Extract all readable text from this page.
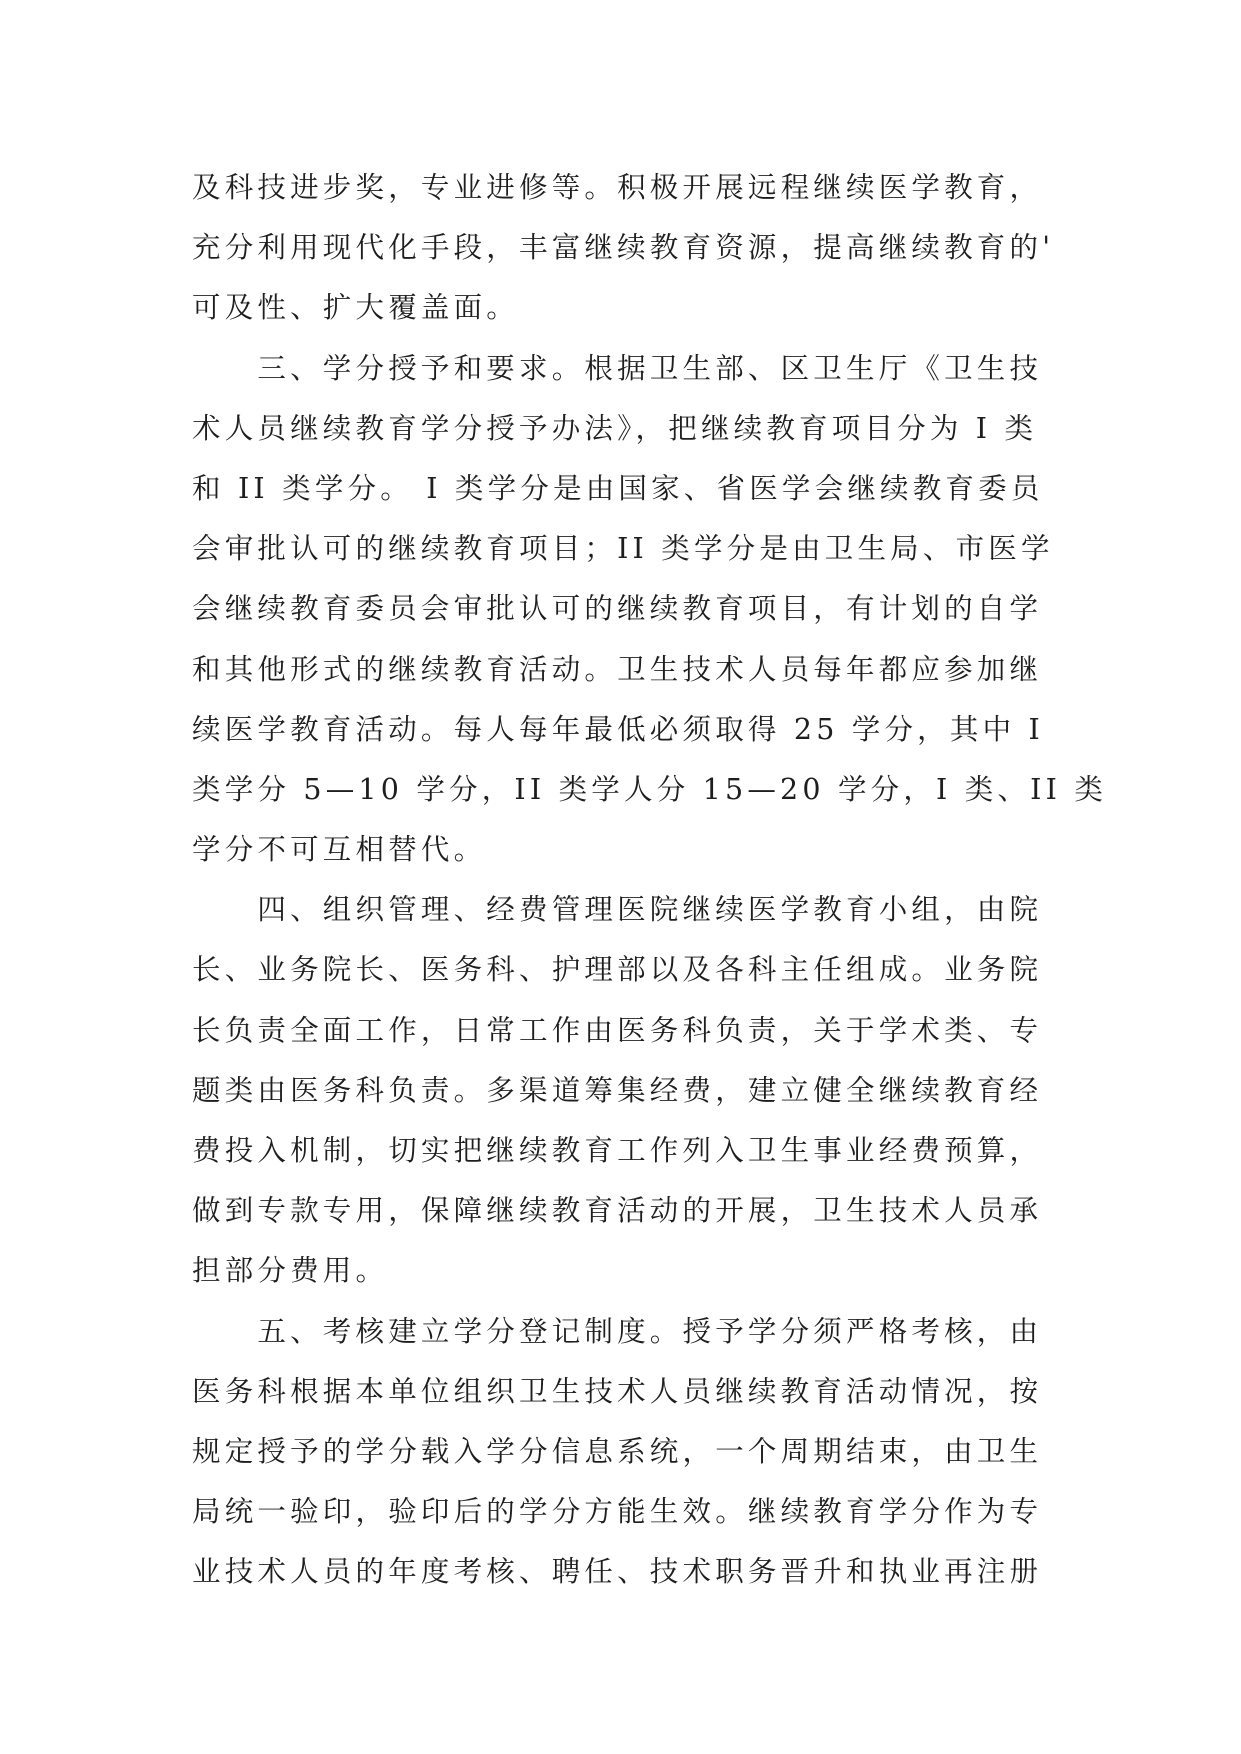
及科技进步奖，专业进修等。积极开展远程继续医学教育，
充分利用现代化手段，丰富继续教育资源，提高继续教育的'
可及性、扩大覆盖面。
　　三、学分授予和要求。根据卫生部、区卫生厅《卫生技
术人员继续教育学分授予办法》，把继续教育项目分为 I 类
和 II 类学分。 I 类学分是由国家、省医学会继续教育委员
会审批认可的继续教育项目；II 类学分是由卫生局、市医学
会继续教育委员会审批认可的继续教育项目，有计划的自学
和其他形式的继续教育活动。卫生技术人员每年都应参加继
续医学教育活动。每人每年最低必须取得 25 学分，其中 I
类学分 5—10 学分，II 类学人分 15—20 学分，I 类、II 类
学分不可互相替代。
　　四、组织管理、经费管理医院继续医学教育小组，由院
长、业务院长、医务科、护理部以及各科主任组成。业务院
长负责全面工作，日常工作由医务科负责，关于学术类、专
题类由医务科负责。多渠道筹集经费，建立健全继续教育经
费投入机制，切实把继续教育工作列入卫生事业经费预算，
做到专款专用，保障继续教育活动的开展，卫生技术人员承
担部分费用。
　　五、考核建立学分登记制度。授予学分须严格考核，由
医务科根据本单位组织卫生技术人员继续教育活动情况，按
规定授予的学分载入学分信息系统，一个周期结束，由卫生
局统一验印，验印后的学分方能生效。继续教育学分作为专
业技术人员的年度考核、聘任、技术职务晋升和执业再注册
